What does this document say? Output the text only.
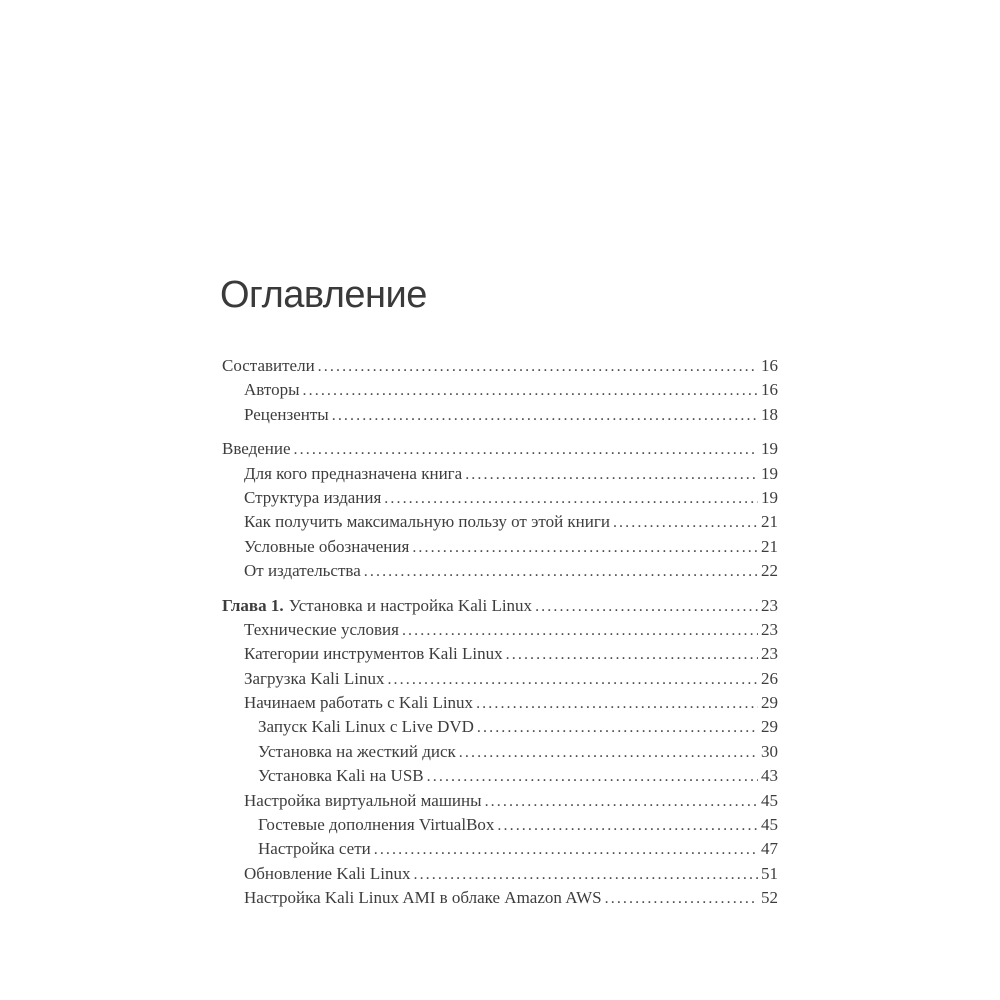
Оглавление
Составители .....	16
Авторы .....	16
Рецензенты .....	18
Введение .....	19
Для кого предназначена книга .....	19
Структура издания .....	19
Как получить максимальную пользу от этой книги .....	21
Условные обозначения .....	21
От издательства .....	22
Глава 1. Установка и настройка Kali Linux .....	23
Технические условия .....	23
Категории инструментов Kali Linux .....	23
Загрузка Kali Linux .....	26
Начинаем работать с Kali Linux .....	29
Запуск Kali Linux с Live DVD .....	29
Установка на жесткий диск .....	30
Установка Kali на USB .....	43
Настройка виртуальной машины .....	45
Гостевые дополнения VirtualBox .....	45
Настройка сети .....	47
Обновление Kali Linux .....	51
Настройка Kali Linux AMI в облаке Amazon AWS .....	52
